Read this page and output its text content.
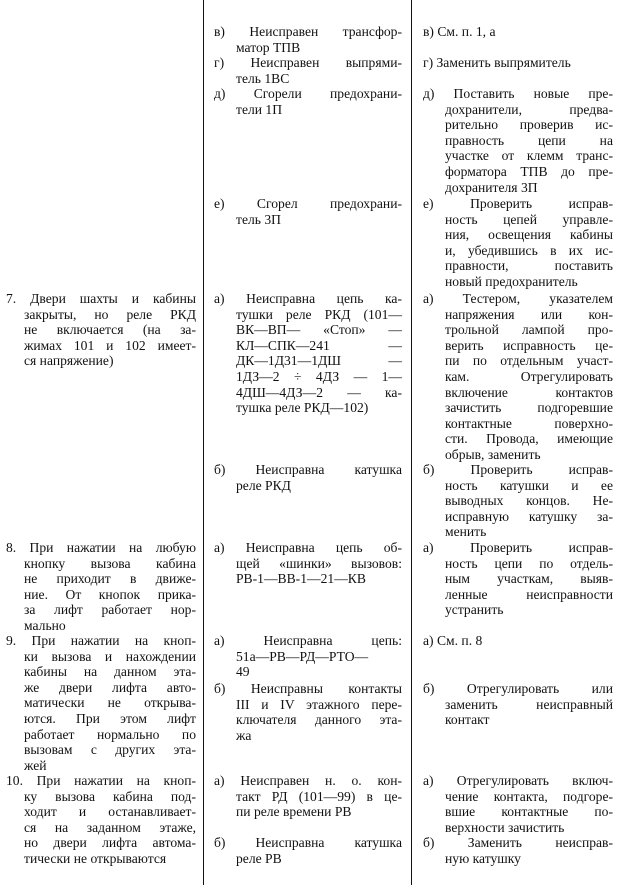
в) Неисправен трансфор-
матор ТПВ
г) Неисправен выпрями-
тель 1ВС
д) Сгорели предохрани-
тели 1П
е) Сгорел предохрани-
тель 3П
а) Неисправна цепь ка-
тушки реле РКД (101—
ВК—ВП— «Стоп» —
КЛ—СПК—241 —
ДК—1Д31—1ДШ —
1ДЗ—2 ÷ 4ДЗ — 1—
4ДШ—4ДЗ—2 — ка-
тушка реле РКД—102)
б) Неисправна катушка
реле РКД
а) Неисправна цепь об-
щей «шинки» вызовов:
РВ-1—ВВ-1—21—КВ
а) Неисправна цепь:
51а—РВ—РД—РТО—
49
б) Неисправны контакты
III и IV этажного пере-
ключателя данного эта-
жа
а) Неисправен н. о. кон-
такт РД (101—99) в це-
пи реле времени РВ
б) Неисправна катушка
реле РВ
в) См. п. 1, а
г) Заменить выпрямитель
д) Поставить новые пре-
дохранители, предва-
рительно проверив ис-
правность цепи на
участке от клемм транс-
форматора ТПВ до пре-
дохранителя 3П
е) Проверить исправ-
ность цепей управле-
ния, освещения кабины
и, убедившись в их ис-
правности, поставить
новый предохранитель
а) Тестером, указателем
напряжения или кон-
трольной лампой про-
верить исправность це-
пи по отдельным участ-
кам. Отрегулировать
включение контактов
зачистить подгоревшие
контактные поверхно-
сти. Провода, имеющие
обрыв, заменить
б) Проверить исправ-
ность катушки и ее
выводных концов. Не-
исправную катушку за-
менить
а) Проверить исправ-
ность цепи по отдель-
ным участкам, выяв-
ленные неисправности
устранить
а) См. п. 8
б) Отрегулировать или
заменить неисправный
контакт
а) Отрегулировать включ-
чение контакта, подгоре-
вшие контактные по-
верхности зачистить
б) Заменить неисправ-
ную катушку
7. Двери шахты и кабины
закрыты, но реле РКД
не включается (на за-
жимах 101 и 102 имеет-
ся напряжение)
8. При нажатии на любую
кнопку вызова кабина
не приходит в движе-
ние. От кнопок прика-
за лифт работает нор-
мально
9. При нажатии на кноп-
ки вызова и нахождении
кабины на данном эта-
же двери лифта авто-
матически не открыва-
ются. При этом лифт
работает нормально по
вызовам с других эта-
жей
10. При нажатии на кноп-
ку вызова кабина под-
ходит и останавливает-
ся на заданном этаже,
но двери лифта автома-
тически не открываются
